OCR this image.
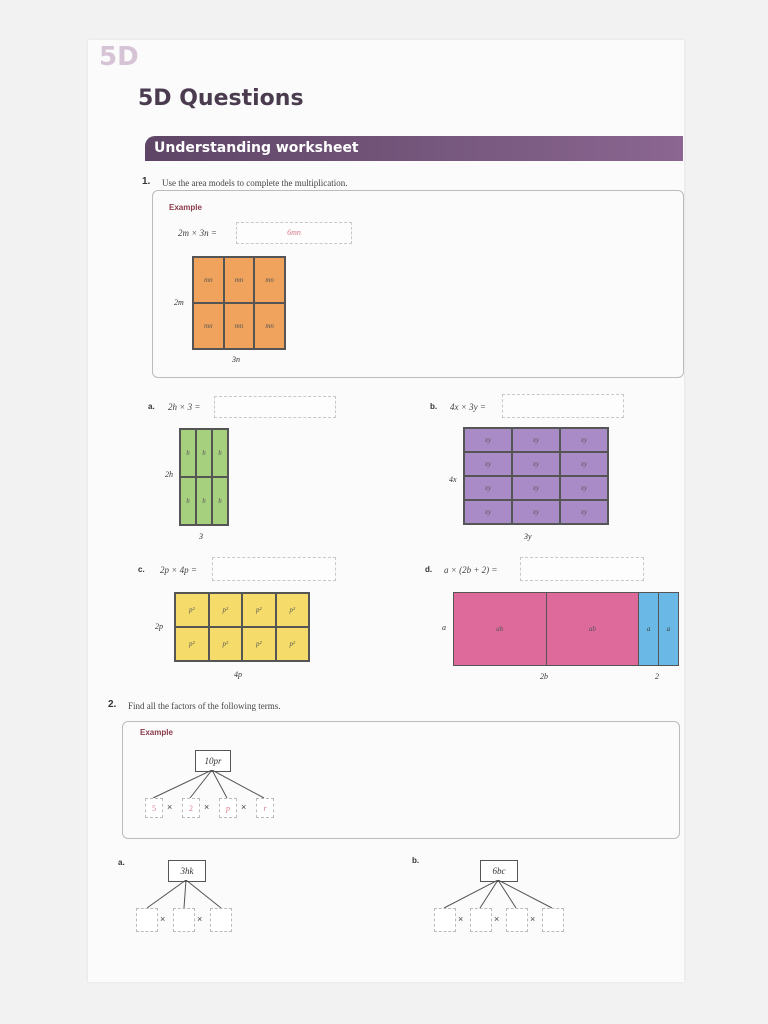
5D
5D Questions
Understanding worksheet
1. Use the area models to complete the multiplication.
Example
2m × 3n =	6mn
mn	mn	mn
mn	mn	mn
2m
3n
a. 2h × 3 =
h	h	h
h	h	h
2h
3
b. 4x × 3y =
xy	xy	xy
xy	xy	xy
xy	xy	xy
xy	xy	xy
4x
3y
c. 2p × 4p =
p²	p²	p²	p²
p²	p²	p²	p²
2p
4p
d. a × (2b + 2) =
ab	ab	a	a
a
2b	2
2. Find all the factors of the following terms.
Example
10pr
5	×	2	×	p	×	r
a.
3hk
×	×
b.
6bc
×	×	×
